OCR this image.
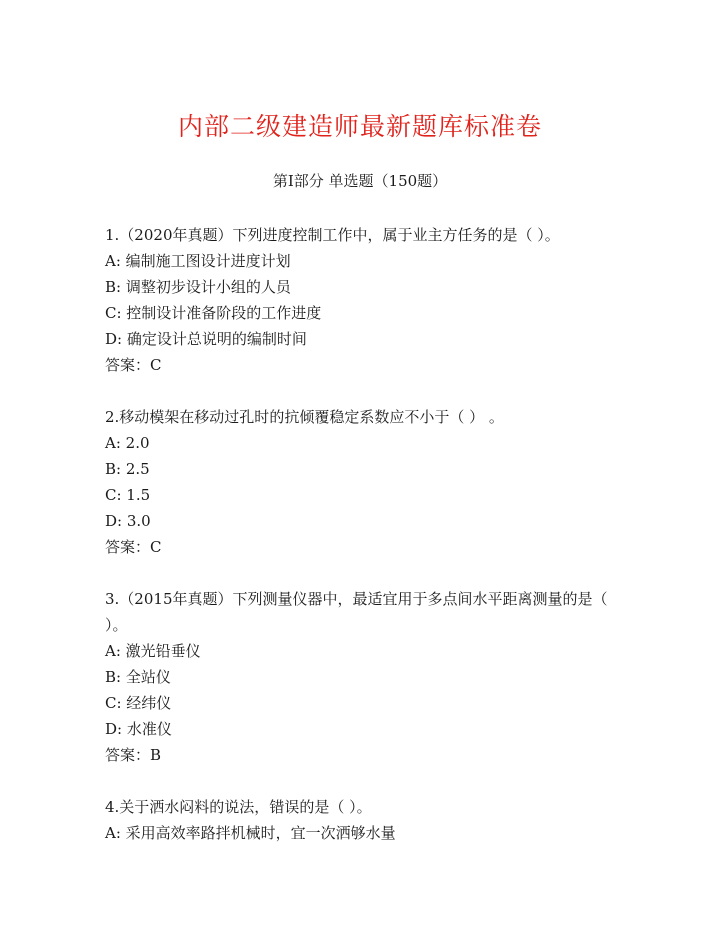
内部二级建造师最新题库标准卷
第Ⅰ部分 单选题（150题）
1.（2020年真题）下列进度控制工作中，属于业主方任务的是（ ）。
A: 编制施工图设计进度计划
B: 调整初步设计小组的人员
C: 控制设计准备阶段的工作进度
D: 确定设计总说明的编制时间
答案：C
2.移动模架在移动过孔时的抗倾覆稳定系数应不小于（ ） 。
A: 2.0
B: 2.5
C: 1.5
D: 3.0
答案：C
3.（2015年真题）下列测量仪器中，最适宜用于多点间水平距离测量的是（ ）。
A: 激光铅垂仪
B: 全站仪
C: 经纬仪
D: 水准仪
答案：B
4.关于洒水闷料的说法，错误的是（ ）。
A: 采用高效率路拌机械时，宜一次洒够水量
